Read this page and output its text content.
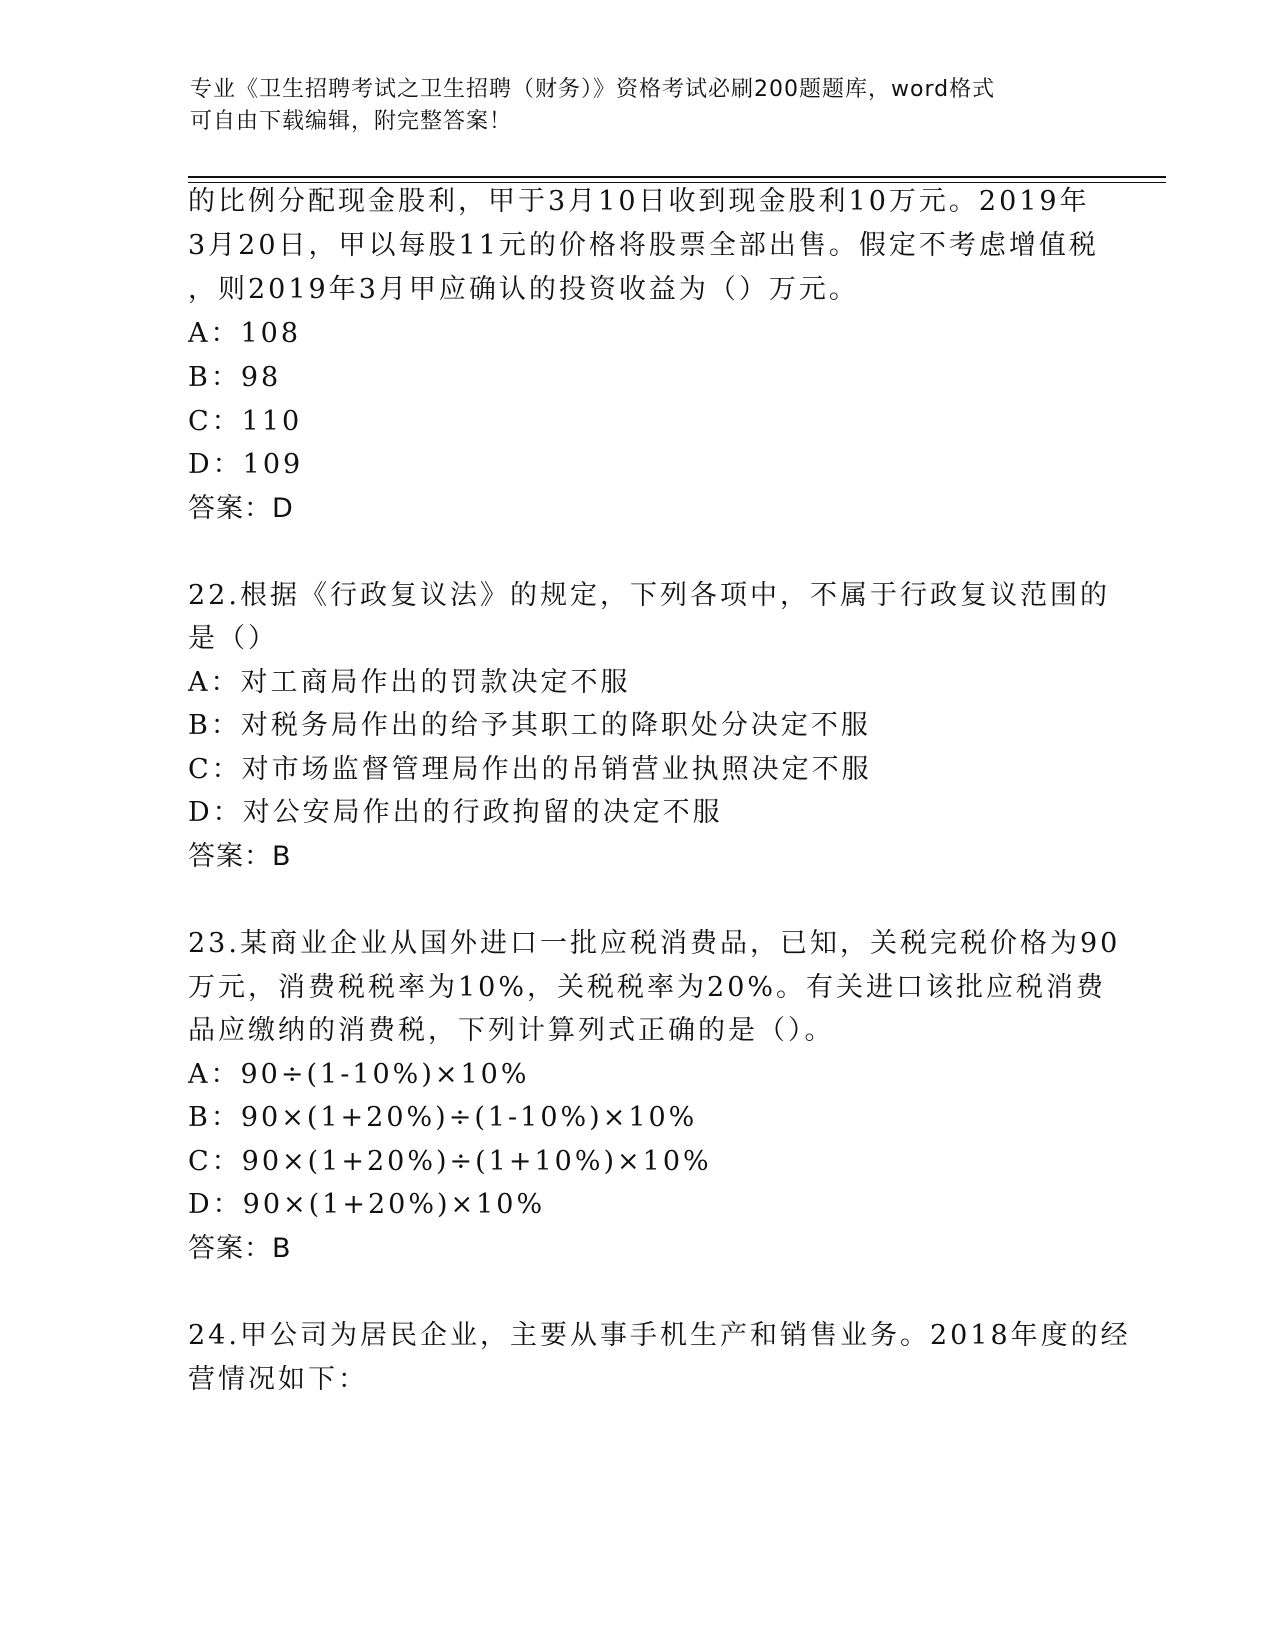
专业《卫生招聘考试之卫生招聘（财务）》资格考试必刷200题题库，word格式
可自由下载编辑，附完整答案！
的比例分配现金股利，甲于3月10日收到现金股利10万元。2019年
3月20日，甲以每股11元的价格将股票全部出售。假定不考虑增值税
，则2019年3月甲应确认的投资收益为（）万元。
A：108
B：98
C：110
D：109
答案：D
22.根据《行政复议法》的规定，下列各项中，不属于行政复议范围的
是（）
A：对工商局作出的罚款决定不服
B：对税务局作出的给予其职工的降职处分决定不服
C：对市场监督管理局作出的吊销营业执照决定不服
D：对公安局作出的行政拘留的决定不服
答案：B
23.某商业企业从国外进口一批应税消费品，已知，关税完税价格为90
万元，消费税税率为10%，关税税率为20%。有关进口该批应税消费
品应缴纳的消费税，下列计算列式正确的是（）。
A：90÷(1-10%)×10%
B：90×(1+20%)÷(1-10%)×10%
C：90×(1+20%)÷(1+10%)×10%
D：90×(1+20%)×10%
答案：B
24.甲公司为居民企业，主要从事手机生产和销售业务。2018年度的经
营情况如下：
